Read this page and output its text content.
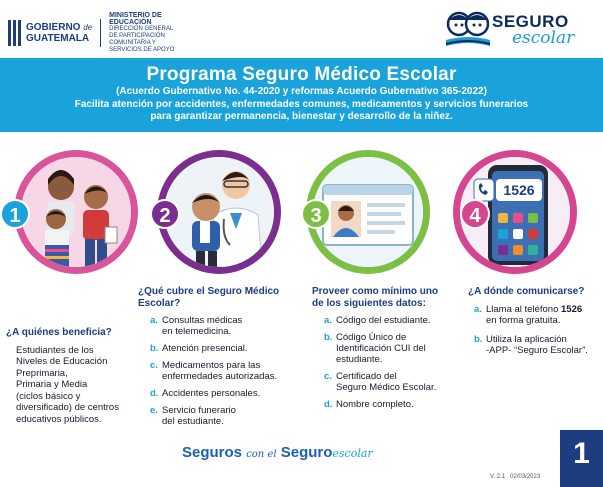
GOBIERNO de
GUATEMALA
MINISTERIO DE EDUCACIÓN
DIRECCIÓN GENERAL DE PARTICIPACIÓN COMUNITARIA Y SERVICIOS DE APOYO
SEGURO
escolar
Programa Seguro Médico Escolar
(Acuerdo Gubernativo No. 44-2020 y reformas Acuerdo Gubernativo 365-2022)
Facilita atención por accidentes, enfermedades comunes, medicamentos y servicios funerarios
para garantizar permanencia, bienestar y desarrollo de la niñez.
1	2	3
1526
4
¿A quiénes beneficia?
Estudiantes de los
Niveles de Educación
Preprimaria,
Primaria y Media
(ciclos básico y
diversificado) de centros
educativos públicos.
¿Qué cubre el Seguro Médico
Escolar?
a. Consultas médicas
en telemedicina.
b. Atención presencial.
c. Medicamentos para las
enfermedades autorizadas.
d. Accidentes personales.
e. Servicio funerario
del estudiante.
Proveer como mínimo uno
de los siguientes datos:
a. Código del estudiante.
b. Código Único de
Identificación CUI del
estudiante.
c. Certificado del
Seguro Médico Escolar.
d. Nombre completo.
¿A dónde comunicarse?
a. Llama al teléfono 1526
en forma gratuita.
b. Utiliza la aplicación
-APP- “Seguro Escolar”.
Seguros con el Seguroescolar
V. 2.1 02/03/2023
1
